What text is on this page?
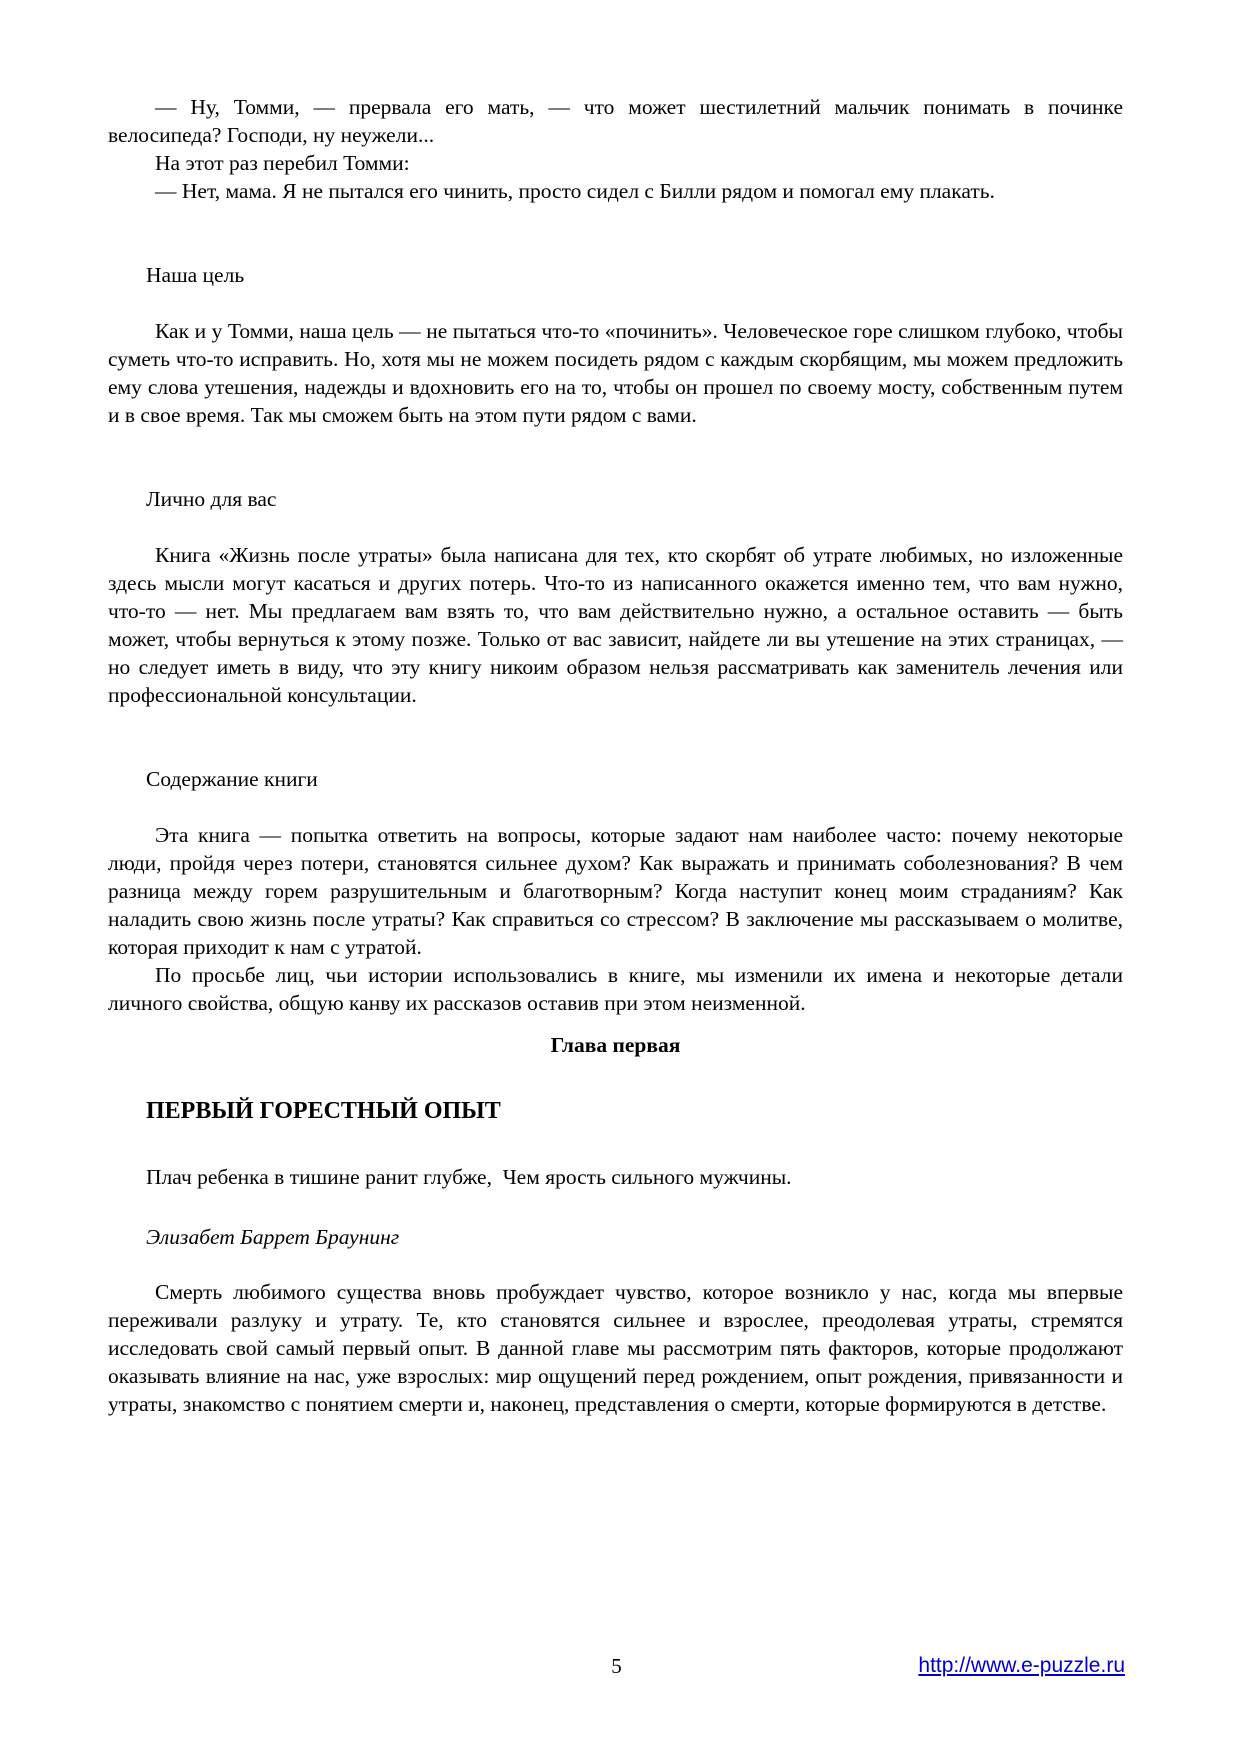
— Ну, Томми, — прервала его мать, — что может шестилетний мальчик понимать в починке велосипеда? Господи, ну неужели...

На этот раз перебил Томми:

— Нет, мама. Я не пытался его чинить, просто сидел с Билли рядом и помогал ему плакать.

Наша цель

Как и у Томми, наша цель — не пытаться что-то «починить». Человеческое горе слишком глубоко, чтобы суметь что-то исправить. Но, хотя мы не можем посидеть рядом с каждым скорбящим, мы можем предложить ему слова утешения, надежды и вдохновить его на то, чтобы он прошел по своему мосту, собственным путем и в свое время. Так мы сможем быть на этом пути рядом с вами.

Лично для вас

Книга «Жизнь после утраты» была написана для тех, кто скорбят об утрате любимых, но изложенные здесь мысли могут касаться и других потерь. Что-то из написанного окажется именно тем, что вам нужно, что-то — нет. Мы предлагаем вам взять то, что вам действительно нужно, а остальное оставить — быть может, чтобы вернуться к этому позже. Только от вас зависит, найдете ли вы утешение на этих страницах, — но следует иметь в виду, что эту книгу никоим образом нельзя рассматривать как заменитель лечения или профессиональной консультации.

Содержание книги

Эта книга — попытка ответить на вопросы, которые задают нам наиболее часто: почему некоторые люди, пройдя через потери, становятся сильнее духом? Как выражать и принимать соболезнования? В чем разница между горем разрушительным и благотворным? Когда наступит конец моим страданиям? Как наладить свою жизнь после утраты? Как справиться со стрессом? В заключение мы рассказываем о молитве, которая приходит к нам с утратой.

По просьбе лиц, чьи истории использовались в книге, мы изменили их имена и некоторые детали личного свойства, общую канву их рассказов оставив при этом неизменной.

Глава первая

ПЕРВЫЙ ГОРЕСТНЫЙ ОПЫТ

Плач ребенка в тишине ранит глубже,  Чем ярость сильного мужчины.

Элизабет Баррет Браунинг

Смерть любимого существа вновь пробуждает чувство, которое возникло у нас, когда мы впервые переживали разлуку и утрату. Те, кто становятся сильнее и взрослее, преодолевая утраты, стремятся исследовать свой самый первый опыт. В данной главе мы рассмотрим пять факторов, которые продолжают оказывать влияние на нас, уже взрослых: мир ощущений перед рождением, опыт рождения, привязанности и утраты, знакомство с понятием смерти и, наконец, представления о смерти, которые формируются в детстве.

5	http://www.e-puzzle.ru
